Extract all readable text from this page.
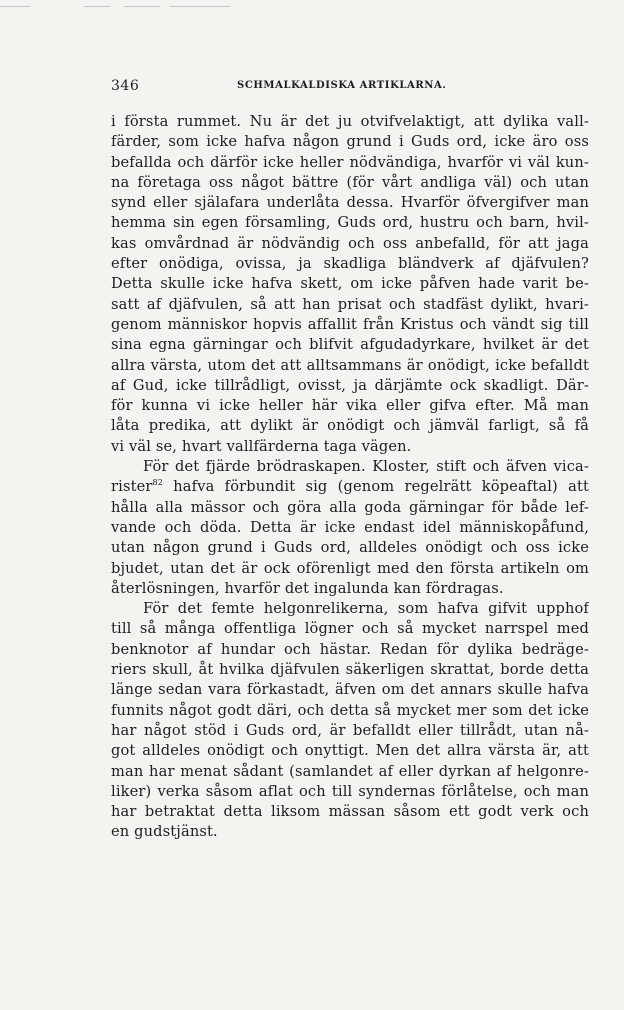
346	SCHMALKALDISKA ARTIKLARNA.
i första rummet. Nu är det ju otvifvelaktigt, att dylika vall-
färder, som icke hafva någon grund i Guds ord, icke äro oss
befallda och därför icke heller nödvändiga, hvarför vi väl kun-
na företaga oss något bättre (för vårt andliga väl) och utan
synd eller själafara underlåta dessa. Hvarför öfvergifver man
hemma sin egen församling, Guds ord, hustru och barn, hvil-
kas omvårdnad är nödvändig och oss anbefalld, för att jaga
efter onödiga, ovissa, ja skadliga bländverk af djäfvulen?
Detta skulle icke hafva skett, om icke påfven hade varit be-
satt af djäfvulen, så att han prisat och stadfäst dylikt, hvari-
genom människor hopvis affallit från Kristus och vändt sig till
sina egna gärningar och blifvit afgudadyrkare, hvilket är det
allra värsta, utom det att alltsammans är onödigt, icke befalldt
af Gud, icke tillrådligt, ovisst, ja därjämte ock skadligt. Där-
för kunna vi icke heller här vika eller gifva efter. Må man
låta predika, att dylikt är onödigt och jämväl farligt, så få
vi väl se, hvart vallfärderna taga vägen.
För det fjärde brödraskapen. Kloster, stift och äfven vica-
rister$^{82}$ hafva förbundit sig (genom regelrätt köpeaftal) att
hålla alla mässor och göra alla goda gärningar för både lef-
vande och döda. Detta är icke endast idel människopåfund,
utan någon grund i Guds ord, alldeles onödigt och oss icke
bjudet, utan det är ock oförenligt med den första artikeln om
återlösningen, hvarför det ingalunda kan fördragas.
För det femte helgonrelikerna, som hafva gifvit upphof
till så många offentliga lögner och så mycket narrspel med
benknotor af hundar och hästar. Redan för dylika bedräge-
riers skull, åt hvilka djäfvulen säkerligen skrattat, borde detta
länge sedan vara förkastadt, äfven om det annars skulle hafva
funnits något godt däri, och detta så mycket mer som det icke
har något stöd i Guds ord, är befalldt eller tillrådt, utan nå-
got alldeles onödigt och onyttigt. Men det allra värsta är, att
man har menat sådant (samlandet af eller dyrkan af helgonre-
liker) verka såsom aflat och till syndernas förlåtelse, och man
har betraktat detta liksom mässan såsom ett godt verk och
en gudstjänst.
